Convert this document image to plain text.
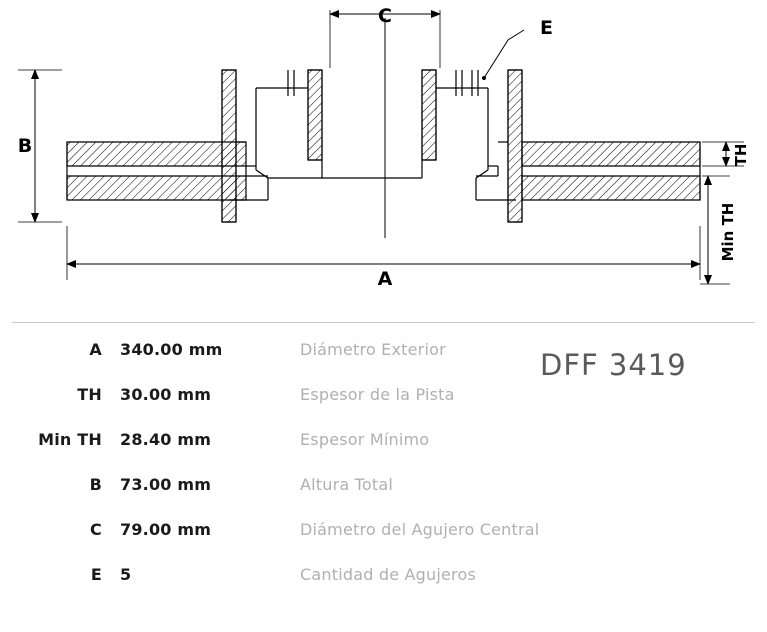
B
A
C
E
TH
Min TH
A	340.00 mm	Diámetro Exterior
TH	30.00 mm	Espesor de la Pista
Min TH	28.40 mm	Espesor Mínimo
B	73.00 mm	Altura Total
C	79.00 mm	Diámetro del Agujero Central
E	5	Cantidad de Agujeros
DFF 3419
